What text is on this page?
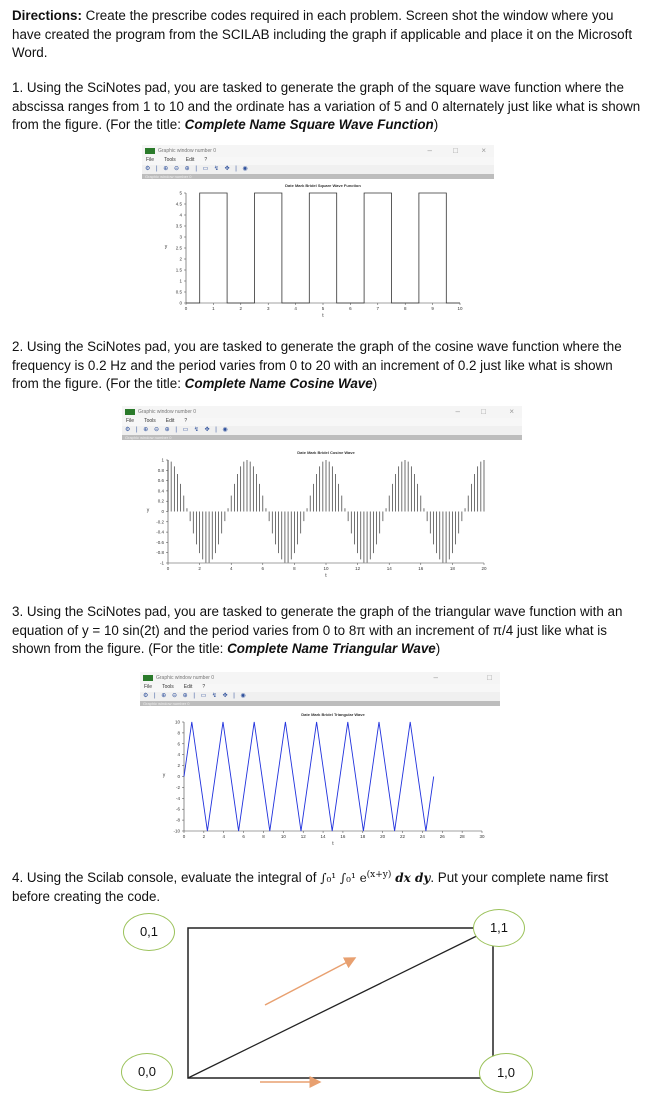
Directions: Create the prescribe codes required in each problem. Screen shot the window where you have created the program from the SCILAB including the graph if applicable and place it on the Microsoft Word.
1. Using the SciNotes pad, you are tasked to generate the graph of the square wave function where the abscissa ranges from 1 to 10 and the ordinate has a variation of 5 and 0 alternately just like what is shown from the figure. (For the title: Complete Name Square Wave Function)
Graphic window number 0	–	□	×
File Tools Edit ?
⚙ | ⊕ ⊖ ⊕ | ▭ ↯ ✥ | ◉
Graphic window number 0
Date Mark Bridel Square Wave Function
5
4.5
4
3.5
3
2.5
2
1.5
1
0.5
0
0	1	2	3	4	5	6	7	8	9	10
y
t
2. Using the SciNotes pad, you are tasked to generate the graph of the cosine wave function where the frequency is 0.2 Hz and the period varies from 0 to 20 with an increment of 0.2 just like what is shown from the figure. (For the title: Complete Name Cosine Wave)
Graphic window number 0	–	□	×
File Tools Edit ?
⚙ | ⊕ ⊖ ⊕ | ▭ ↯ ✥ | ◉
Graphic window number 0
Date Mark Bridel Cosine Wave
1
0.8
0.6
0.4
0.2
0
-0.2
-0.4
-0.6
-0.8
-1
0	2	4	6	8	10	12	14	16	18	20
y
t
3. Using the SciNotes pad, you are tasked to generate the graph of the triangular wave function with an equation of y = 10 sin(2t) and the period varies from 0 to 8π with an increment of π/4 just like what is shown from the figure. (For the title: Complete Name Triangular Wave)
Graphic window number 0	–	□
File Tools Edit ?
⚙ | ⊕ ⊖ ⊕ | ▭ ↯ ✥ | ◉
Graphic window number 0
Date Mark Bridel Triangular Wave
10
8
6
4
2
0
-2
-4
-6
-8
-10
0	2	4	6	8	10	12	14	16	18	20	22	24	26	28	30
y
t
4. Using the Scilab console, evaluate the integral of ∫₀¹ ∫₀¹ $e^{(x+y)}$ dx dy. Put your complete name first before creating the code.
0,1	1,1
0,0	1,0
